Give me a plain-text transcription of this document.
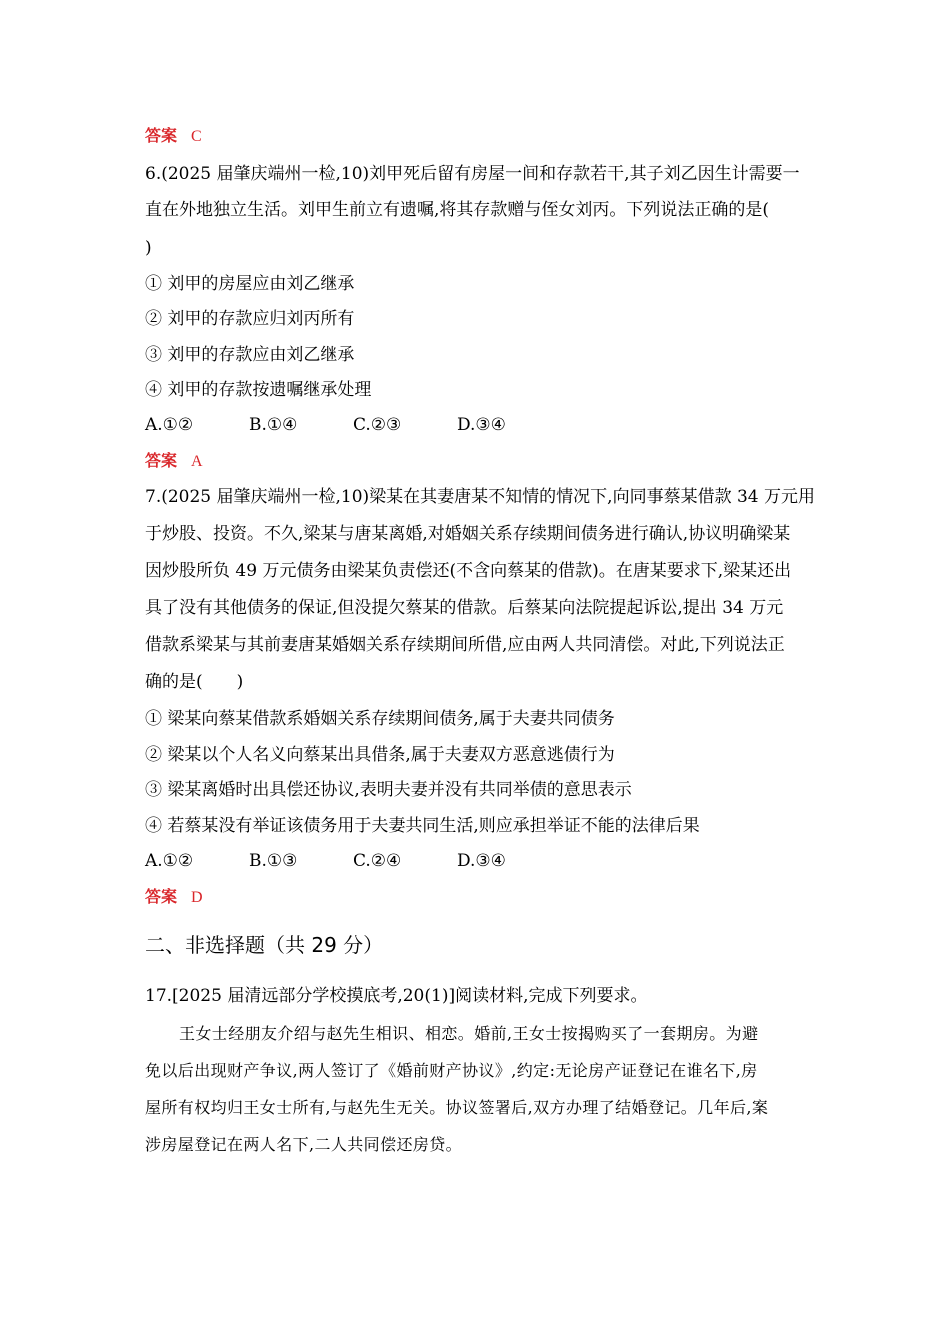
答案 C
6.(2025 届肇庆端州一检,10)刘甲死后留有房屋一间和存款若干,其子刘乙因生计需要一
直在外地独立生活。刘甲生前立有遗嘱,将其存款赠与侄女刘丙。下列说法正确的是(
)
① 刘甲的房屋应由刘乙继承
② 刘甲的存款应归刘丙所有
③ 刘甲的存款应由刘乙继承
④ 刘甲的存款按遗嘱继承处理
A.①②	B.①④	C.②③	D.③④
答案 A
7.(2025 届肇庆端州一检,10)梁某在其妻唐某不知情的情况下,向同事蔡某借款 34 万元用
于炒股、投资。不久,梁某与唐某离婚,对婚姻关系存续期间债务进行确认,协议明确梁某
因炒股所负 49 万元债务由梁某负责偿还(不含向蔡某的借款)。在唐某要求下,梁某还出
具了没有其他债务的保证,但没提欠蔡某的借款。后蔡某向法院提起诉讼,提出 34 万元
借款系梁某与其前妻唐某婚姻关系存续期间所借,应由两人共同清偿。对此,下列说法正
确的是(　　)
① 梁某向蔡某借款系婚姻关系存续期间债务,属于夫妻共同债务
② 梁某以个人名义向蔡某出具借条,属于夫妻双方恶意逃债行为
③ 梁某离婚时出具偿还协议,表明夫妻并没有共同举债的意思表示
④ 若蔡某没有举证该债务用于夫妻共同生活,则应承担举证不能的法律后果
A.①②	B.①③	C.②④	D.③④
答案 D
二、非选择题（共 29 分）
17.[2025 届清远部分学校摸底考,20(1)]阅读材料,完成下列要求。
王女士经朋友介绍与赵先生相识、相恋。婚前,王女士按揭购买了一套期房。为避
免以后出现财产争议,两人签订了《婚前财产协议》,约定:无论房产证登记在谁名下,房
屋所有权均归王女士所有,与赵先生无关。协议签署后,双方办理了结婚登记。几年后,案
涉房屋登记在两人名下,二人共同偿还房贷。
